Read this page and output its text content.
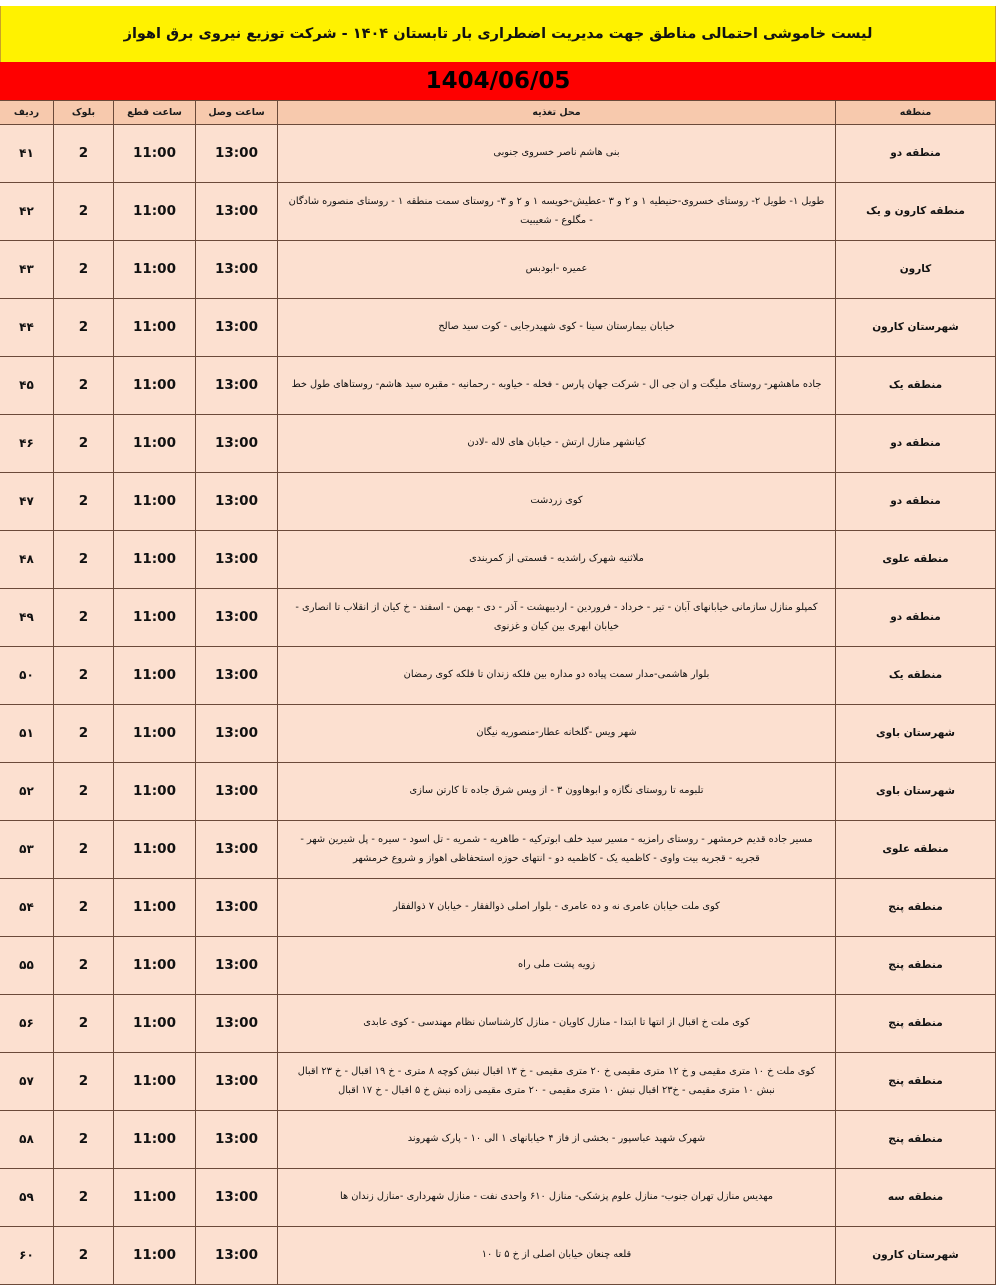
لیست خاموشی احتمالی مناطق جهت مدیریت اضطراری بار تابستان ۱۴۰۴ - شرکت توزیع نیروی برق اهواز
1404/06/05
منطقه	محل تغذیه	ساعت وصل	ساعت قطع	بلوک	ردیف
منطقه دو	بنی هاشم ناصر خسروی جنوبی	13:00	11:00	2	۴۱
منطقه کارون و یک	طویل ۱- طویل ۲- روستای خسروی-حنیطیه ۱ و ۲ و ۳ -عطیش-خویسه ۱ و ۲ و ۳- روستای سمت منطقه ۱ - روستای منصوره شادگان - مگلوع - شعیبیت	13:00	11:00	2	۴۲
کارون	عمیره -ابودبس	13:00	11:00	2	۴۳
شهرستان کارون	خیابان بیمارستان سینا - کوی شهیدرجایی - کوت سید صالح	13:00	11:00	2	۴۴
منطقه یک	جاده ماهشهر- روستای ملیگت و ان جی ال - شرکت جهان پارس - فخله - خیاوبه - رحمانیه - مقبره سید هاشم- روستاهای طول خط	13:00	11:00	2	۴۵
منطقه دو	کیانشهر منازل ارتش - خیابان های لاله -لادن	13:00	11:00	2	۴۶
منطقه دو	کوی زردشت	13:00	11:00	2	۴۷
منطقه علوی	ملاثنیه شهرک راشدیه - قسمتی از کمربندی	13:00	11:00	2	۴۸
منطقه دو	کمپلو منازل سازمانی خیابانهای آبان - تیر - خرداد - فروردین - اردیبهشت - آذر - دی - بهمن - اسفند - خ کیان از انقلاب تا انصاری - خیابان ابهری بین کیان و غزنوی	13:00	11:00	2	۴۹
منطقه یک	بلوار هاشمی-مدار سمت پیاده دو مداره بین فلکه زندان تا فلکه کوی رمضان	13:00	11:00	2	۵۰
شهرستان باوی	شهر ویس -گلخانه عطار-منصوریه نیگان	13:00	11:00	2	۵۱
شهرستان باوی	تلبومه تا روستای نگازه و ابوهاوون ۳ - از ویس شرق جاده تا کارتن سازی	13:00	11:00	2	۵۲
منطقه علوی	مسیر جاده قدیم خرمشهر - روستای رامزیه - مسیر سید خلف ابوترکیه - طاهریه - شمریه - تل اسود - سیره - پل شیرین شهر - قجریه - قجریه بیت واوی - کاظمیه یک - کاظمیه دو - انتهای حوزه استحفاظی اهواز و شروع خرمشهر	13:00	11:00	2	۵۳
منطقه پنج	کوی ملت خیابان عامری نه و ده عامری - بلوار اصلی ذوالفقار - خیابان ۷ ذوالفقار	13:00	11:00	2	۵۴
منطقه پنج	زویه پشت ملی راه	13:00	11:00	2	۵۵
منطقه پنج	کوی ملت خ اقبال از انتها تا ابتدا - منازل کاویان - منازل کارشناسان نظام مهندسی - کوی عابدی	13:00	11:00	2	۵۶
منطقه پنج	کوی ملت خ ۱۰ متری مقیمی و خ ۱۲ متری مقیمی خ ۲۰ متری مقیمی - خ ۱۳ اقبال نبش کوچه ۸ متری - خ ۱۹ اقبال - خ ۲۳ اقبال نبش ۱۰ متری مقیمی - خ۲۳ اقبال نبش ۱۰ متری مقیمی - ۲۰ متری مقیمی زاده نبش خ ۵ اقبال - خ ۱۷ اقبال	13:00	11:00	2	۵۷
منطقه پنج	شهرک شهید عباسپور - بخشی از فاز ۴ خیابانهای ۱ الی ۱۰ - پارک شهروند	13:00	11:00	2	۵۸
منطقه سه	مهدیس منازل تهران جنوب- منازل علوم پزشکی- منازل ۶۱۰ واحدی نفت - منازل شهرداری -منازل زندان ها	13:00	11:00	2	۵۹
شهرستان کارون	قلعه چنعان خیابان اصلی از خ ۵ تا ۱۰	13:00	11:00	2	۶۰
